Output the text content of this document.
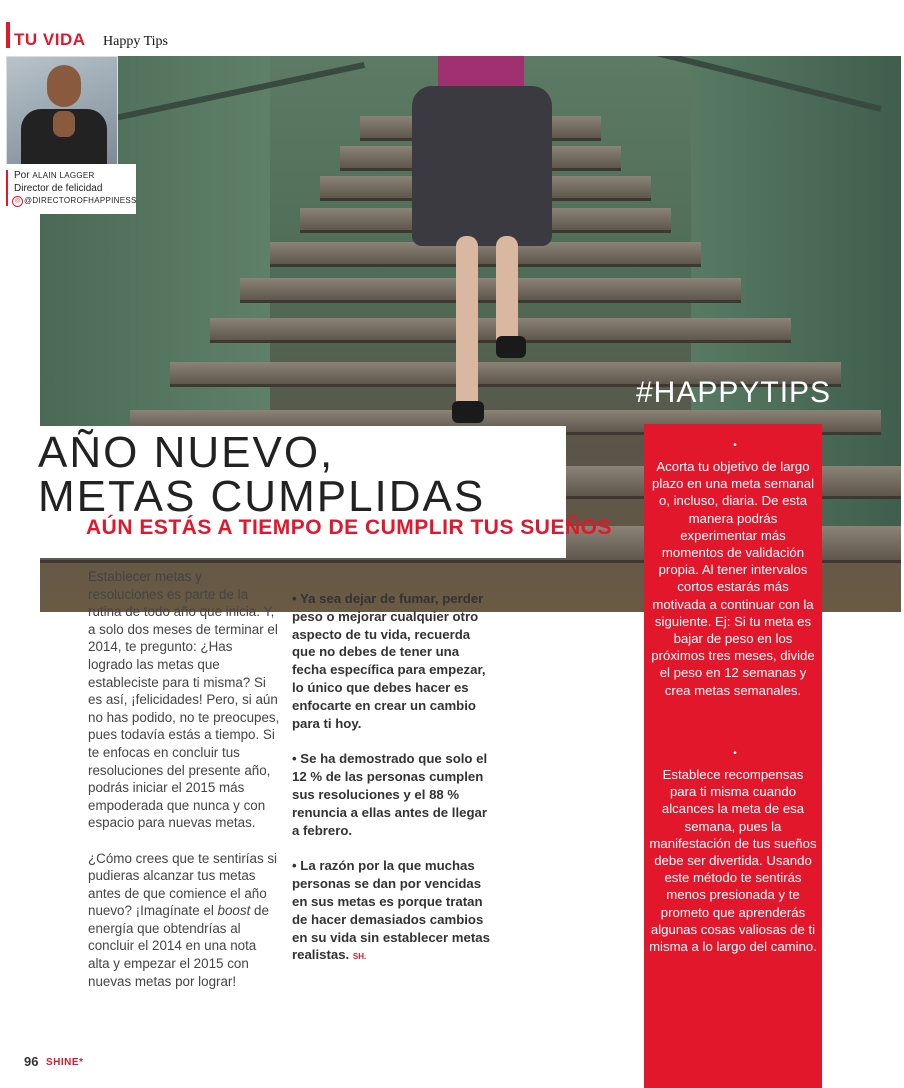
TU VIDA Happy Tips
Por ALAIN LAGGER
Director de felicidad
◎ @DIRECTOROFHAPPINESS
AÑO NUEVO,
METAS CUMPLIDAS
AÚN ESTÁS A TIEMPO DE CUMPLIR TUS SUEÑOS
#HAPPYTIPS
•
Acorta tu objetivo de largo plazo en una meta semanal o, incluso, diaria. De esta manera podrás experimentar más momentos de validación propia. Al tener intervalos cortos estarás más motivada a continuar con la siguiente. Ej: Si tu meta es bajar de peso en los próximos tres meses, divide el peso en 12 semanas y crea metas semanales.
•
Establece recompensas para ti misma cuando alcances la meta de esa semana, pues la manifestación de tus sueños debe ser divertida. Usando este método te sentirás menos presionada y te prometo que aprenderás algunas cosas valiosas de ti misma a lo largo del camino.

Establecer metas y resoluciones es parte de la rutina de todo año que inicia. Y, a solo dos meses de terminar el 2014, te pregunto: ¿Has logrado las metas que estableciste para ti misma? Si es así, ¡felicidades! Pero, si aún no has podido, no te preocupes, pues todavía estás a tiempo. Si te enfocas en concluir tus resoluciones del presente año, podrás iniciar el 2015 más empoderada que nunca y con espacio para nuevas metas.

¿Cómo crees que te sentirías si pudieras alcanzar tus metas antes de que comience el año nuevo? ¡Imagínate el boost de energía que obtendrías al concluir el 2014 en una nota alta y empezar el 2015 con nuevas metas por lograr!

• Ya sea dejar de fumar, perder peso o mejorar cualquier otro aspecto de tu vida, recuerda que no debes de tener una fecha específica para empezar, lo único que debes hacer es enfocarte en crear un cambio para ti hoy.
• Se ha demostrado que solo el 12 % de las personas cumplen sus resoluciones y el 88 % renuncia a ellas antes de llegar a febrero.
• La razón por la que muchas personas se dan por vencidas en sus metas es porque tratan de hacer demasiados cambios en su vida sin establecer metas realistas. SH.
96 SHINE*
